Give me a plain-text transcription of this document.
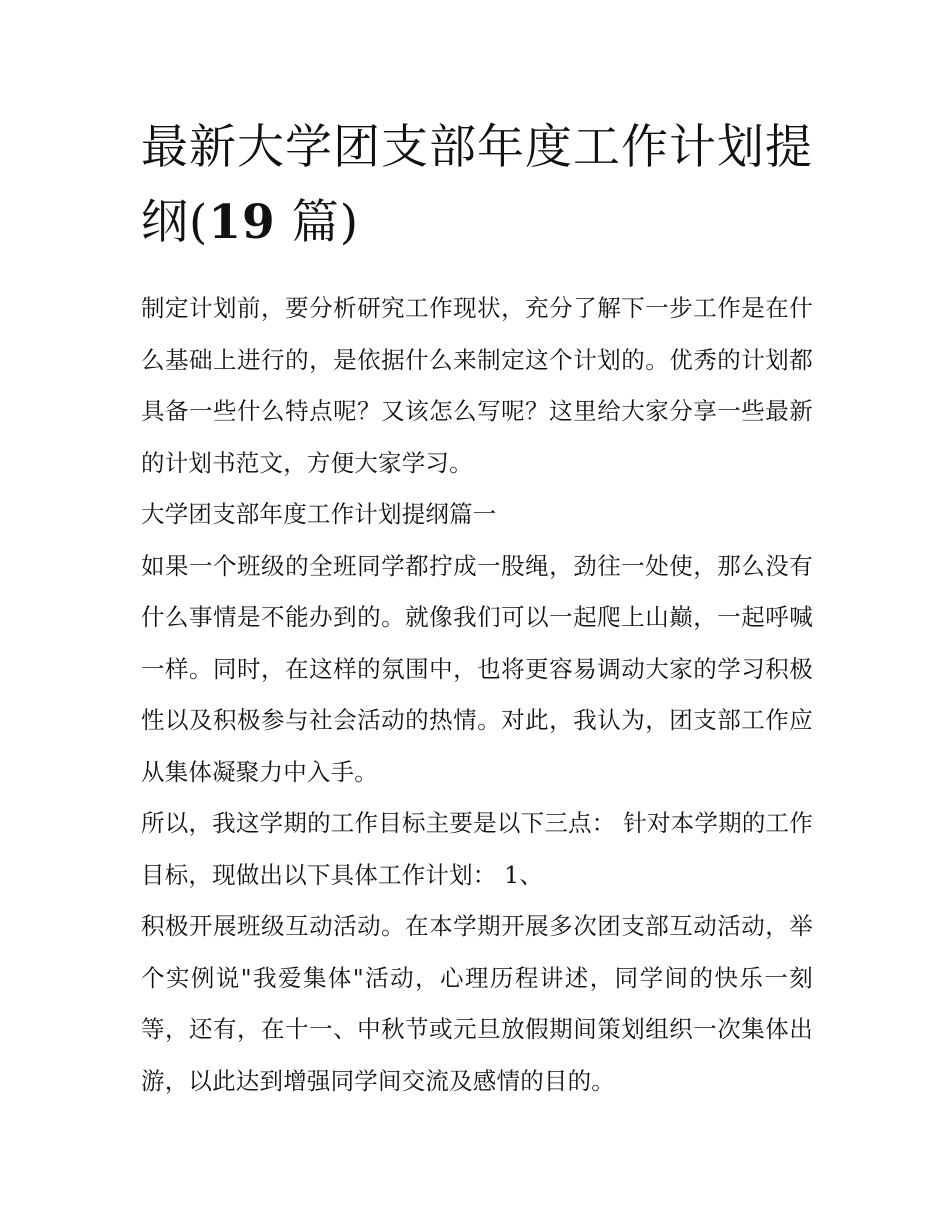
最新大学团支部年度工作计划提纲(19 篇)

制定计划前，要分析研究工作现状，充分了解下一步工作是在什么基础上进行的，是依据什么来制定这个计划的。优秀的计划都具备一些什么特点呢？又该怎么写呢？这里给大家分享一些最新的计划书范文，方便大家学习。

大学团支部年度工作计划提纲篇一

如果一个班级的全班同学都拧成一股绳，劲往一处使，那么没有什么事情是不能办到的。就像我们可以一起爬上山巅，一起呼喊一样。同时，在这样的氛围中，也将更容易调动大家的学习积极性以及积极参与社会活动的热情。对此，我认为，团支部工作应从集体凝聚力中入手。

所以，我这学期的工作目标主要是以下三点： 针对本学期的工作目标，现做出以下具体工作计划： 1、

积极开展班级互动活动。在本学期开展多次团支部互动活动，举个实例说"我爱集体"活动，心理历程讲述，同学间的快乐一刻等，还有，在十一、中秋节或元旦放假期间策划组织一次集体出游，以此达到增强同学间交流及感情的目的。
